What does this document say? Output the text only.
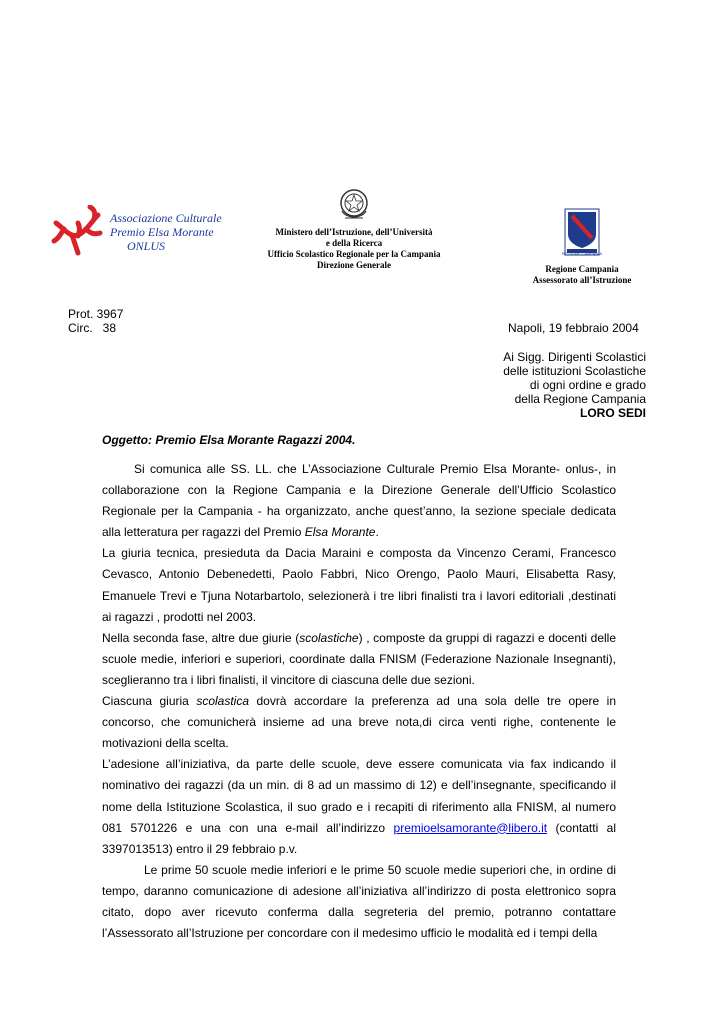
Associazione Culturale
Premio Elsa Morante
ONLUS
Ministero dell’Istruzione, dell’Università
e della Ricerca
Ufficio Scolastico Regionale per la Campania
Direzione Generale
REGIONE CAMPANIA
Regione Campania
Assessorato all’Istruzione
Prot. 3967
Circ.   38	Napoli, 19 febbraio 2004
Ai Sigg. Dirigenti Scolastici
delle istituzioni Scolastiche
di ogni ordine e grado
della Regione Campania
LORO SEDI
Oggetto: Premio Elsa Morante Ragazzi 2004.

Si comunica alle SS. LL. che L’Associazione Culturale Premio Elsa Morante- onlus-, in collaborazione con la Regione Campania e la Direzione Generale dell’Ufficio Scolastico Regionale per la Campania - ha organizzato, anche quest’anno, la sezione speciale dedicata alla letteratura per ragazzi del Premio Elsa Morante.

La giuria tecnica, presieduta da Dacia Maraini e composta da Vincenzo Cerami, Francesco Cevasco, Antonio Debenedetti, Paolo Fabbri, Nico Orengo, Paolo Mauri, Elisabetta Rasy, Emanuele Trevi e Tjuna Notarbartolo, selezionerà i tre libri finalisti tra i lavori editoriali ,destinati ai ragazzi , prodotti nel 2003.

Nella seconda fase, altre due giurie (scolastiche) , composte da gruppi di ragazzi e docenti delle scuole medie, inferiori e superiori, coordinate dalla FNISM (Federazione Nazionale Insegnanti), sceglieranno tra i libri finalisti, il vincitore di ciascuna delle due sezioni.

Ciascuna giuria scolastica dovrà accordare la preferenza ad una sola delle tre opere in concorso, che comunicherà insieme ad una breve nota,di circa venti righe, contenente le motivazioni della scelta.

L’adesione all’iniziativa, da parte delle scuole, deve essere comunicata via fax indicando il nominativo dei ragazzi (da un min. di 8 ad un massimo di 12) e dell’insegnante, specificando il nome della Istituzione Scolastica, il suo grado e i recapiti di riferimento alla FNISM, al numero 081 5701226 e una con una e-mail all’indirizzo premioelsamorante@libero.it (contatti al 3397013513) entro il 29 febbraio p.v.

Le prime 50 scuole medie inferiori e le prime 50 scuole medie superiori che, in ordine di tempo, daranno comunicazione di adesione all’iniziativa all’indirizzo di posta elettronico sopra citato, dopo aver ricevuto conferma dalla segreteria del premio, potranno contattare l’Assessorato all’Istruzione per concordare con il medesimo ufficio le modalità ed i tempi della
